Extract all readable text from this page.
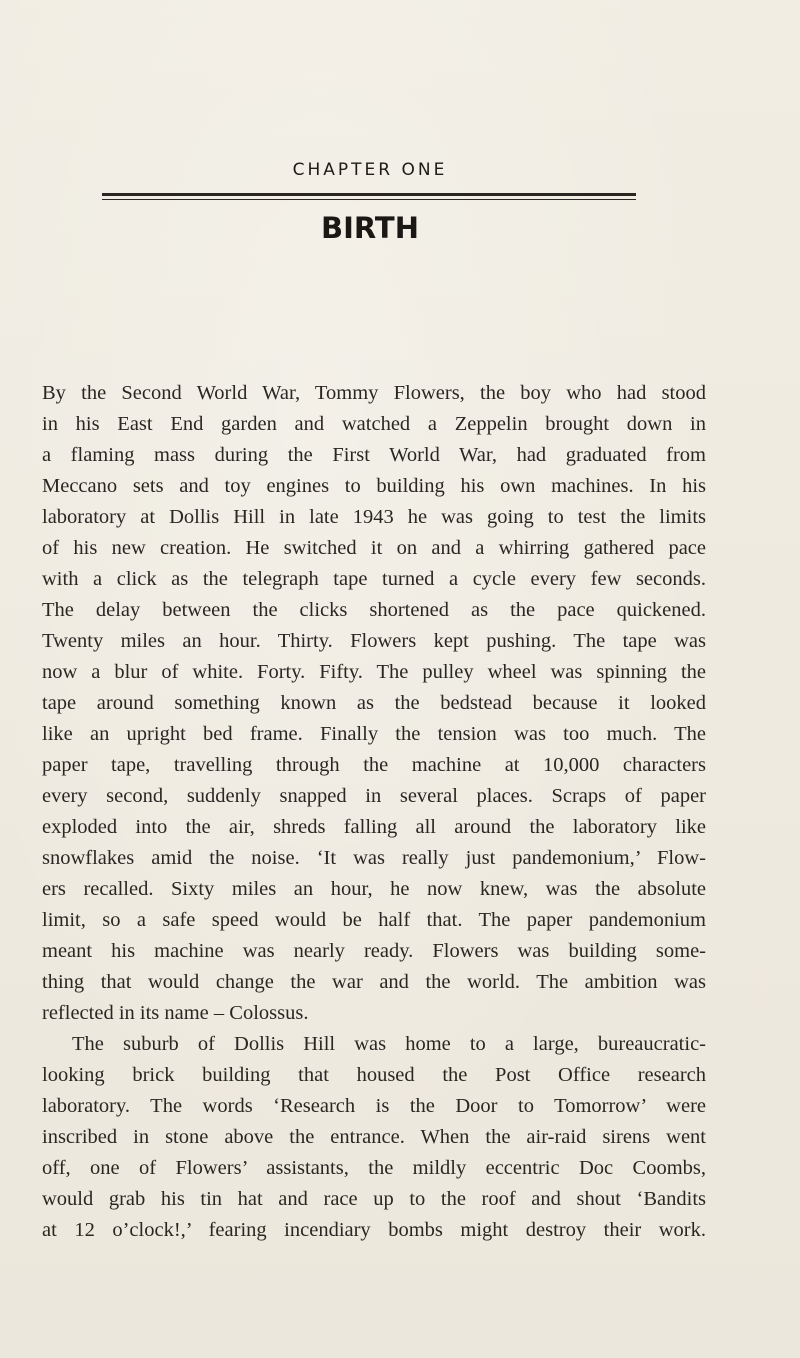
CHAPTER ONE
BIRTH
By the Second World War, Tommy Flowers, the boy who had stood
in his East End garden and watched a Zeppelin brought down in
a flaming mass during the First World War, had graduated from
Meccano sets and toy engines to building his own machines. In his
laboratory at Dollis Hill in late 1943 he was going to test the limits
of his new creation. He switched it on and a whirring gathered pace
with a click as the telegraph tape turned a cycle every few seconds.
The delay between the clicks shortened as the pace quickened.
Twenty miles an hour. Thirty. Flowers kept pushing. The tape was
now a blur of white. Forty. Fifty. The pulley wheel was spinning the
tape around something known as the bedstead because it looked
like an upright bed frame. Finally the tension was too much. The
paper tape, travelling through the machine at 10,000 characters
every second, suddenly snapped in several places. Scraps of paper
exploded into the air, shreds falling all around the laboratory like
snowflakes amid the noise. ‘It was really just pandemonium,’ Flow-
ers recalled. Sixty miles an hour, he now knew, was the absolute
limit, so a safe speed would be half that. The paper pandemonium
meant his machine was nearly ready. Flowers was building some-
thing that would change the war and the world. The ambition was
reflected in its name – Colossus.
The suburb of Dollis Hill was home to a large, bureaucratic-
looking brick building that housed the Post Office research
laboratory. The words ‘Research is the Door to Tomorrow’ were
inscribed in stone above the entrance. When the air-raid sirens went
off, one of Flowers’ assistants, the mildly eccentric Doc Coombs,
would grab his tin hat and race up to the roof and shout ‘Bandits
at 12 o’clock!,’ fearing incendiary bombs might destroy their work.
